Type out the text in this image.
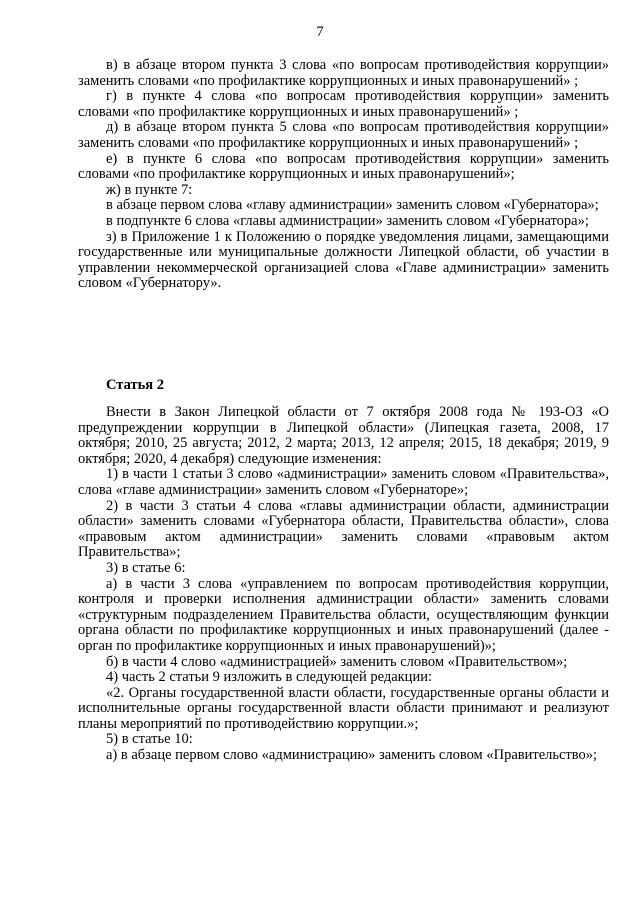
7

в) в абзаце втором пункта 3 слова «по вопросам противодействия коррупции» заменить словами «по профилактике коррупционных и иных правонарушений» ;

г) в пункте 4 слова «по вопросам противодействия коррупции» заменить словами «по профилактике коррупционных и иных правонарушений» ;

д) в абзаце втором пункта 5 слова «по вопросам противодействия коррупции» заменить словами «по профилактике коррупционных и иных правонарушений» ;

е) в пункте 6 слова «по вопросам противодействия коррупции» заменить словами «по профилактике коррупционных и иных правонарушений»;

ж) в пункте 7:

в абзаце первом слова «главу администрации» заменить словом «Губернатора»;

в подпункте 6 слова «главы администрации» заменить словом «Губернатора»;

з) в Приложение 1 к Положению о порядке уведомления лицами, замещающими государственные или муниципальные должности Липецкой области, об участии в управлении некоммерческой организацией слова «Главе администрации» заменить словом «Губернатору».

Статья 2

Внести в Закон Липецкой области от 7 октября 2008 года № 193-ОЗ «О предупреждении коррупции в Липецкой области» (Липецкая газета, 2008, 17 октября; 2010, 25 августа; 2012, 2 марта; 2013, 12 апреля; 2015, 18 декабря; 2019, 9 октября; 2020, 4 декабря) следующие изменения:

1) в части 1 статьи 3 слово «администрации» заменить словом «Правительства», слова «главе администрации» заменить словом «Губернаторе»;

2) в части 3 статьи 4 слова «главы администрации области, администрации области» заменить словами «Губернатора области, Правительства области», слова «правовым актом администрации» заменить словами «правовым актом Правительства»;

3) в статье 6:

а) в части 3 слова «управлением по вопросам противодействия коррупции, контроля и проверки исполнения администрации области» заменить словами «структурным подразделением Правительства области, осуществляющим функции органа области по профилактике коррупционных и иных правонарушений (далее - орган по профилактике коррупционных и иных правонарушений)»;

б) в части 4 слово «администрацией» заменить словом «Правительством»;

4) часть 2 статьи 9 изложить в следующей редакции:

«2. Органы государственной власти области, государственные органы области и исполнительные органы государственной власти области принимают и реализуют планы мероприятий по противодействию коррупции.»;

5) в статье 10:

а) в абзаце первом слово «администрацию» заменить словом «Правительство»;
